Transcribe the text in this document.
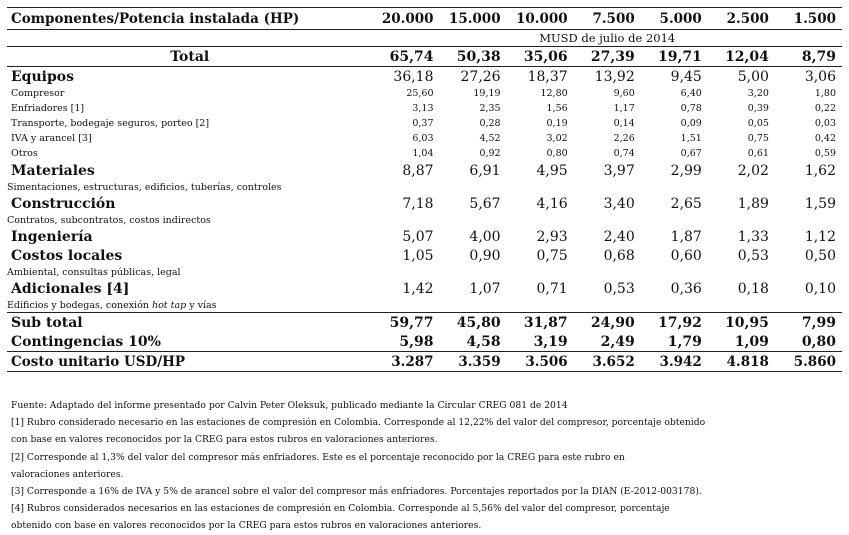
Componentes/Potencia instalada (HP)	20.000	15.000	10.000	7.500	5.000	2.500	1.500
	MUSD de julio de 2014						
Total	65,74	50,38	35,06	27,39	19,71	12,04	8,79
Equipos	36,18	27,26	18,37	13,92	9,45	5,00	3,06
Compresor	25,60	19,19	12,80	9,60	6,40	3,20	1,80
Enfriadores [1]	3,13	2,35	1,56	1,17	0,78	0,39	0,22
Transporte, bodegaje seguros, porteo [2]	0,37	0,28	0,19	0,14	0,09	0,05	0,03
IVA y arancel [3]	6,03	4,52	3,02	2,26	1,51	0,75	0,42
Otros	1,04	0,92	0,80	0,74	0,67	0,61	0,59
Materiales	8,87	6,91	4,95	3,97	2,99	2,02	1,62
Simentaciones, estructuras, edificios, tuberías, controles							
Construcción	7,18	5,67	4,16	3,40	2,65	1,89	1,59
Contratos, subcontratos, costos indirectos							
Ingeniería	5,07	4,00	2,93	2,40	1,87	1,33	1,12
Costos locales	1,05	0,90	0,75	0,68	0,60	0,53	0,50
Ambiental, consultas públicas, legal							
Adicionales [4]	1,42	1,07	0,71	0,53	0,36	0,18	0,10
Edificios y bodegas, conexión hot tap y vías							
Sub total	59,77	45,80	31,87	24,90	17,92	10,95	7,99
Contingencias 10%	5,98	4,58	3,19	2,49	1,79	1,09	0,80
Costo unitario USD/HP	3.287	3.359	3.506	3.652	3.942	4.818	5.860
Fuente: Adaptado del informe presentado por Calvin Peter Oleksuk, publicado mediante la Circular CREG 081 de 2014
[1] Rubro considerado necesario en las estaciones de compresión en Colombia. Corresponde al 12,22% del valor del compresor, porcentaje obtenido
con base en valores reconocidos por la CREG para estos rubros en valoraciones anteriores.
[2] Corresponde al 1,3% del valor del compresor más enfriadores. Este es el porcentaje reconocido por la CREG para este rubro en
valoraciones anteriores.
[3] Corresponde a 16% de IVA y 5% de arancel sobre el valor del compresor más enfriadores. Porcentajes reportados por la DIAN (E-2012-003178).
[4] Rubros considerados necesarios en las estaciones de compresión en Colombia. Corresponde al 5,56% del valor del compresor, porcentaje
obtenido con base en valores reconocidos por la CREG para estos rubros en valoraciones anteriores.
